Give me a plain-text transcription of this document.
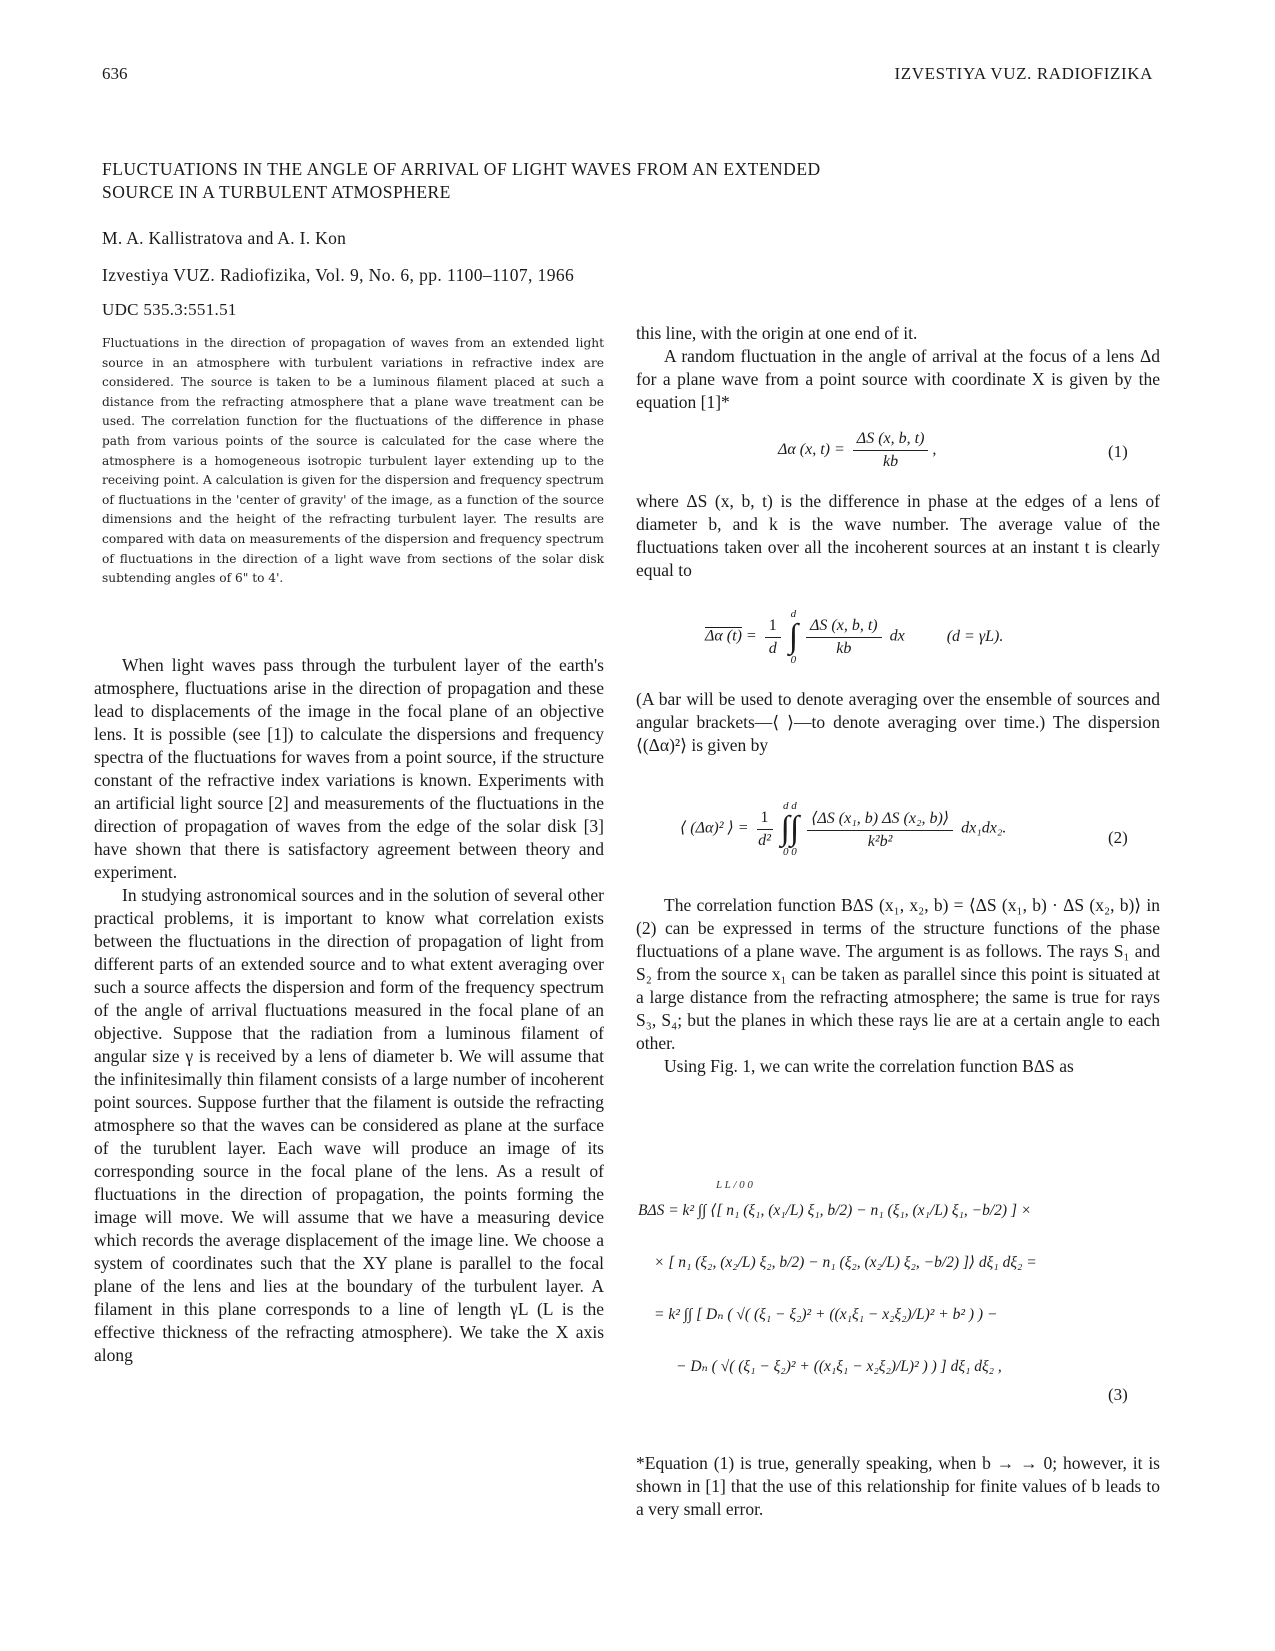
636	IZVESTIYA VUZ. RADIOFIZIKA
FLUCTUATIONS IN THE ANGLE OF ARRIVAL OF LIGHT WAVES FROM AN EXTENDED SOURCE IN A TURBULENT ATMOSPHERE
M. A. Kallistratova and A. I. Kon
Izvestiya VUZ. Radiofizika, Vol. 9, No. 6, pp. 1100–1107, 1966
UDC 535.3:551.51
Fluctuations in the direction of propagation of waves from an extended light source in an atmosphere with turbulent variations in refractive index are considered. The source is taken to be a luminous filament placed at such a distance from the refracting atmosphere that a plane wave treatment can be used. The correlation function for the fluctuations of the difference in phase path from various points of the source is calculated for the case where the atmosphere is a homogeneous isotropic turbulent layer extending up to the receiving point. A calculation is given for the dispersion and frequency spectrum of fluctuations in the 'center of gravity' of the image, as a function of the source dimensions and the height of the refracting turbulent layer. The results are compared with data on measurements of the dispersion and frequency spectrum of fluctuations in the direction of a light wave from sections of the solar disk subtending angles of 6" to 4'.

When light waves pass through the turbulent layer of the earth's atmosphere, fluctuations arise in the direction of propagation and these lead to displacements of the image in the focal plane of an objective lens. It is possible (see [1]) to calculate the dispersions and frequency spectra of the fluctuations for waves from a point source, if the structure constant of the refractive index variations is known. Experiments with an artificial light source [2] and measurements of the fluctuations in the direction of propagation of waves from the edge of the solar disk [3] have shown that there is satisfactory agreement between theory and experiment.

In studying astronomical sources and in the solution of several other practical problems, it is important to know what correlation exists between the fluctuations in the direction of propagation of light from different parts of an extended source and to what extent averaging over such a source affects the dispersion and form of the frequency spectrum of the angle of arrival fluctuations measured in the focal plane of an objective. Suppose that the radiation from a luminous filament of angular size γ is received by a lens of diameter b. We will assume that the infinitesimally thin filament consists of a large number of incoherent point sources. Suppose further that the filament is outside the refracting atmosphere so that the waves can be considered as plane at the surface of the turublent layer. Each wave will produce an image of its corresponding source in the focal plane of the lens. As a result of fluctuations in the direction of propagation, the points forming the image will move. We will assume that we have a measuring device which records the average displacement of the image line. We choose a system of coordinates such that the XY plane is parallel to the focal plane of the lens and lies at the boundary of the turbulent layer. A filament in this plane corresponds to a line of length γL (L is the effective thickness of the refracting atmosphere). We take the X axis along

this line, with the origin at one end of it.

A random fluctuation in the angle of arrival at the focus of a lens Δd for a plane wave from a point source with coordinate X is given by the equation [1]*

Δα (x, $t) = \frac{\Delta S (x, b, t)}{kb}$ ,	(1)

where ΔS (x, b, t) is the difference in phase at the edges of a lens of diameter b, and k is the wave number. The average value of the fluctuations taken over all the incoherent sources at an instant t is clearly equal to

Δα $(t) = \frac{1}{d}$

d
∫
0

$\frac{\Delta S (x, b, t)}{kb}$ dx	(d = γL).

(A bar will be used to denote averaging over the ensemble of sources and angular brackets—⟨ ⟩—to denote averaging over time.) The dispersion ⟨(Δα)²⟩ is given by

⟨ (Δα)² ⟩ = $\frac{1}{\text{d²}}$

d d
∫∫
0 0

$\frac{\text{⟨ΔS (x₁, b) ΔS (x₂, b)⟩}}{\text{k²b²}} dx_1dx_2$.	(2)

The correlation function BΔS (x₁, x₂, b) = ⟨ΔS (x₁, b) · ΔS (x₂, b)⟩ in (2) can be expressed in terms of the structure functions of the phase fluctuations of a plane wave. The argument is as follows. The rays S₁ and S₂ from the source x₁ can be taken as parallel since this point is situated at a large distance from the refracting atmosphere; the same is true for rays S₃, S₄; but the planes in which these rays lie are at a certain angle to each other.

Using Fig. 1, we can write the correlation function BΔS as

L L / 0 0
BΔS = k² ∫∫ ⟨[ n₁ (ξ₁, (x₁/L) ξ₁, b/2) − n₁ (ξ₁, (x₁/L) ξ₁, −b/2) ] ×
× [ n₁ (ξ₂, (x₂/L) ξ₂, b/2) − n₁ (ξ₂, (x₂/L) ξ₂, −b/2) ]⟩ dξ₁ dξ₂ =
= k² ∫∫ [ Dₙ ( √( (ξ₁ − ξ₂)² + ((x₁ξ₁ − x₂ξ₂)/L)² + b² ) ) −
− Dₙ ( √( (ξ₁ − ξ₂)² + ((x₁ξ₁ − x₂ξ₂)/L)² ) ) ] dξ₁ dξ₂ ,
(3)
*Equation (1) is true, generally speaking, when b → → 0; however, it is shown in [1] that the use of this relationship for finite values of b leads to a very small error.
